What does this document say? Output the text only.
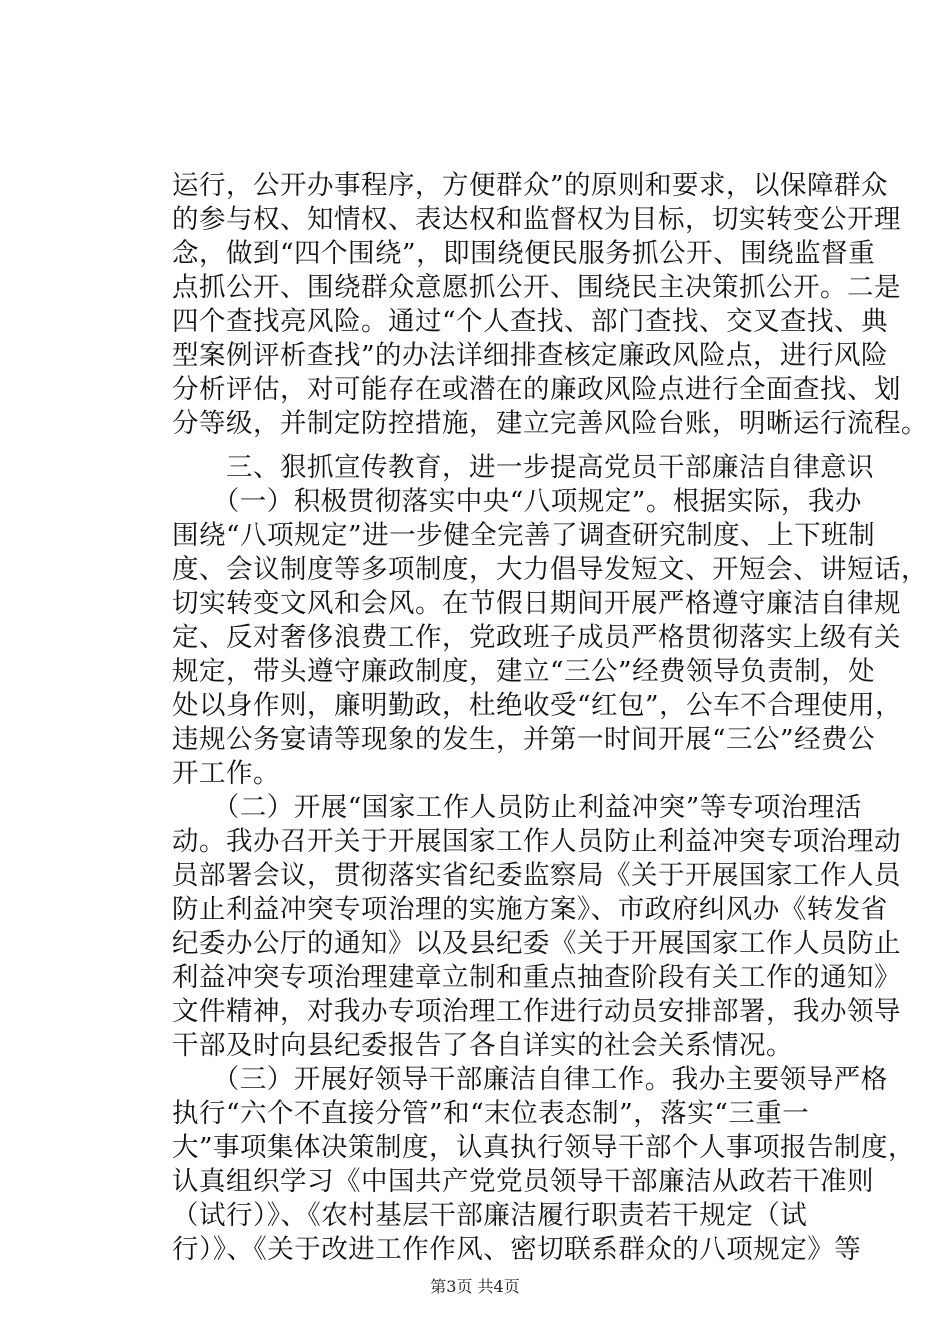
运行，公开办事程序，方便群众”的原则和要求，以保障群众
的参与权、知情权、表达权和监督权为目标，切实转变公开理
念，做到“四个围绕”，即围绕便民服务抓公开、围绕监督重
点抓公开、围绕群众意愿抓公开、围绕民主决策抓公开。二是
四个查找亮风险。通过“个人查找、部门查找、交叉查找、典
型案例评析查找”的办法详细排查核定廉政风险点，进行风险
分析评估，对可能存在或潜在的廉政风险点进行全面查找、划
分等级，并制定防控措施，建立完善风险台账，明晰运行流程。
　　三、狠抓宣传教育，进一步提高党员干部廉洁自律意识
　　（一）积极贯彻落实中央“八项规定”。根据实际，我办
围绕“八项规定”进一步健全完善了调查研究制度、上下班制
度、会议制度等多项制度，大力倡导发短文、开短会、讲短话，
切实转变文风和会风。在节假日期间开展严格遵守廉洁自律规
定、反对奢侈浪费工作，党政班子成员严格贯彻落实上级有关
规定，带头遵守廉政制度，建立“三公”经费领导负责制，处
处以身作则，廉明勤政，杜绝收受“红包”，公车不合理使用，
违规公务宴请等现象的发生，并第一时间开展“三公”经费公
开工作。
　　（二）开展“国家工作人员防止利益冲突”等专项治理活
动。我办召开关于开展国家工作人员防止利益冲突专项治理动
员部署会议，贯彻落实省纪委监察局《关于开展国家工作人员
防止利益冲突专项治理的实施方案》、市政府纠风办《转发省
纪委办公厅的通知》以及县纪委《关于开展国家工作人员防止
利益冲突专项治理建章立制和重点抽查阶段有关工作的通知》
文件精神，对我办专项治理工作进行动员安排部署，我办领导
干部及时向县纪委报告了各自详实的社会关系情况。
　　（三）开展好领导干部廉洁自律工作。我办主要领导严格
执行“六个不直接分管”和“末位表态制”，落实“三重一
大”事项集体决策制度，认真执行领导干部个人事项报告制度，
认真组织学习《中国共产党党员领导干部廉洁从政若干准则
（试行）》、《农村基层干部廉洁履行职责若干规定（试
行）》、《关于改进工作作风、密切联系群众的八项规定》等
第3页 共4页
